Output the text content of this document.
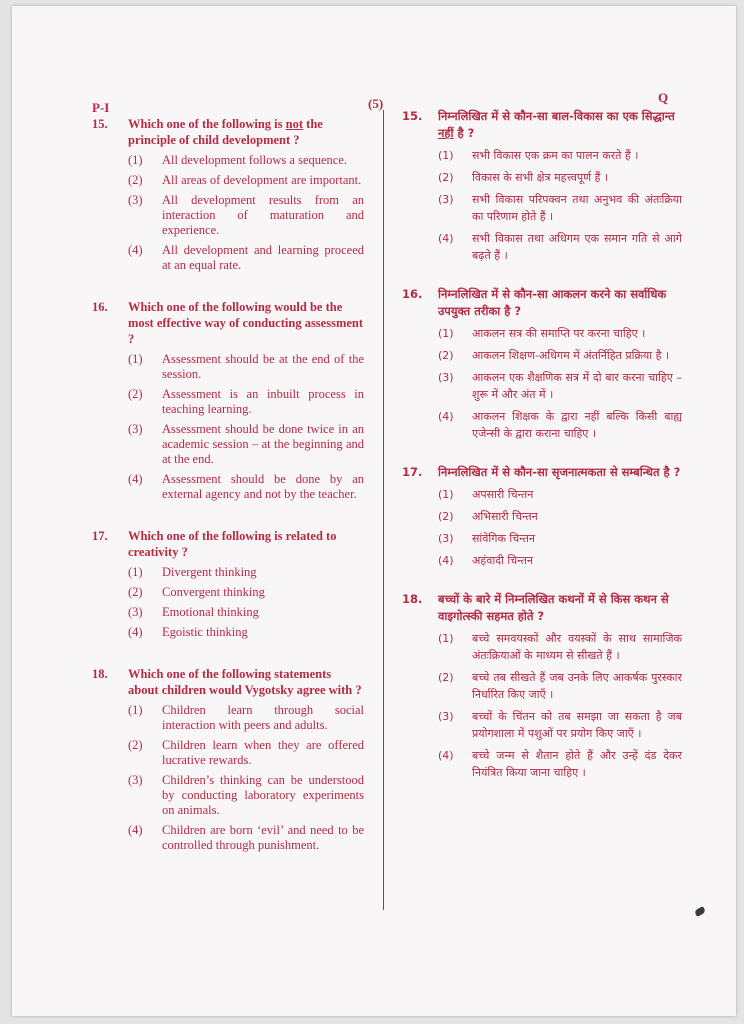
P-I	(5)	Q
15.	Which one of the following is not the principle of child development ?
(1)	All development follows a sequence.
(2)	All areas of development are important.
(3)	All development results from an interaction of maturation and experience.
(4)	All development and learning proceed at an equal rate.
16.	Which one of the following would be the most effective way of conducting assessment ?
(1)	Assessment should be at the end of the session.
(2)	Assessment is an inbuilt process in teaching learning.
(3)	Assessment should be done twice in an academic session – at the beginning and at the end.
(4)	Assessment should be done by an external agency and not by the teacher.
17.	Which one of the following is related to creativity ?
(1)	Divergent thinking
(2)	Convergent thinking
(3)	Emotional thinking
(4)	Egoistic thinking
18.	Which one of the following statements about children would Vygotsky agree with ?
(1)	Children learn through social interaction with peers and adults.
(2)	Children learn when they are offered lucrative rewards.
(3)	Children’s thinking can be understood by conducting laboratory experiments on animals.
(4)	Children are born ‘evil’ and need to be controlled through punishment.
15.	निम्नलिखित में से कौन-सा बाल-विकास का एक सिद्धान्त नहीं है ?
(1)	सभी विकास एक क्रम का पालन करते हैं ।
(2)	विकास के सभी क्षेत्र महत्त्वपूर्ण हैं ।
(3)	सभी विकास परिपक्वन तथा अनुभव की अंतःक्रिया का परिणाम होते हैं ।
(4)	सभी विकास तथा अधिगम एक समान गति से आगे बढ़ते हैं ।
16.	निम्नलिखित में से कौन-सा आकलन करने का सर्वाधिक उपयुक्त तरीका है ?
(1)	आकलन सत्र की समाप्ति पर करना चाहिए ।
(2)	आकलन शिक्षण-अधिगम में अंतर्निहित प्रक्रिया है ।
(3)	आकलन एक शैक्षणिक सत्र में दो बार करना चाहिए – शुरू में और अंत में ।
(4)	आकलन शिक्षक के द्वारा नहीं बल्कि किसी बाह्य एजेन्सी के द्वारा कराना चाहिए ।
17.	निम्नलिखित में से कौन-सा सृजनात्मकता से सम्बन्धित है ?
(1)	अपसारी चिन्तन
(2)	अभिसारी चिन्तन
(3)	सांवेगिक चिन्तन
(4)	अहंवादी चिन्तन
18.	बच्चों के बारे में निम्नलिखित कथनों में से किस कथन से वाइगोत्स्की सहमत होते ?
(1)	बच्चे समवयस्कों और वयस्कों के साथ सामाजिक अंतःक्रियाओं के माध्यम से सीखते हैं ।
(2)	बच्चे तब सीखते हैं जब उनके लिए आकर्षक पुरस्कार निर्धारित किए जाएँ ।
(3)	बच्चों के चिंतन को तब समझा जा सकता है जब प्रयोगशाला में पशुओं पर प्रयोग किए जाएँ ।
(4)	बच्चे जन्म से शैतान होते हैं और उन्हें दंड देकर नियंत्रित किया जाना चाहिए ।
